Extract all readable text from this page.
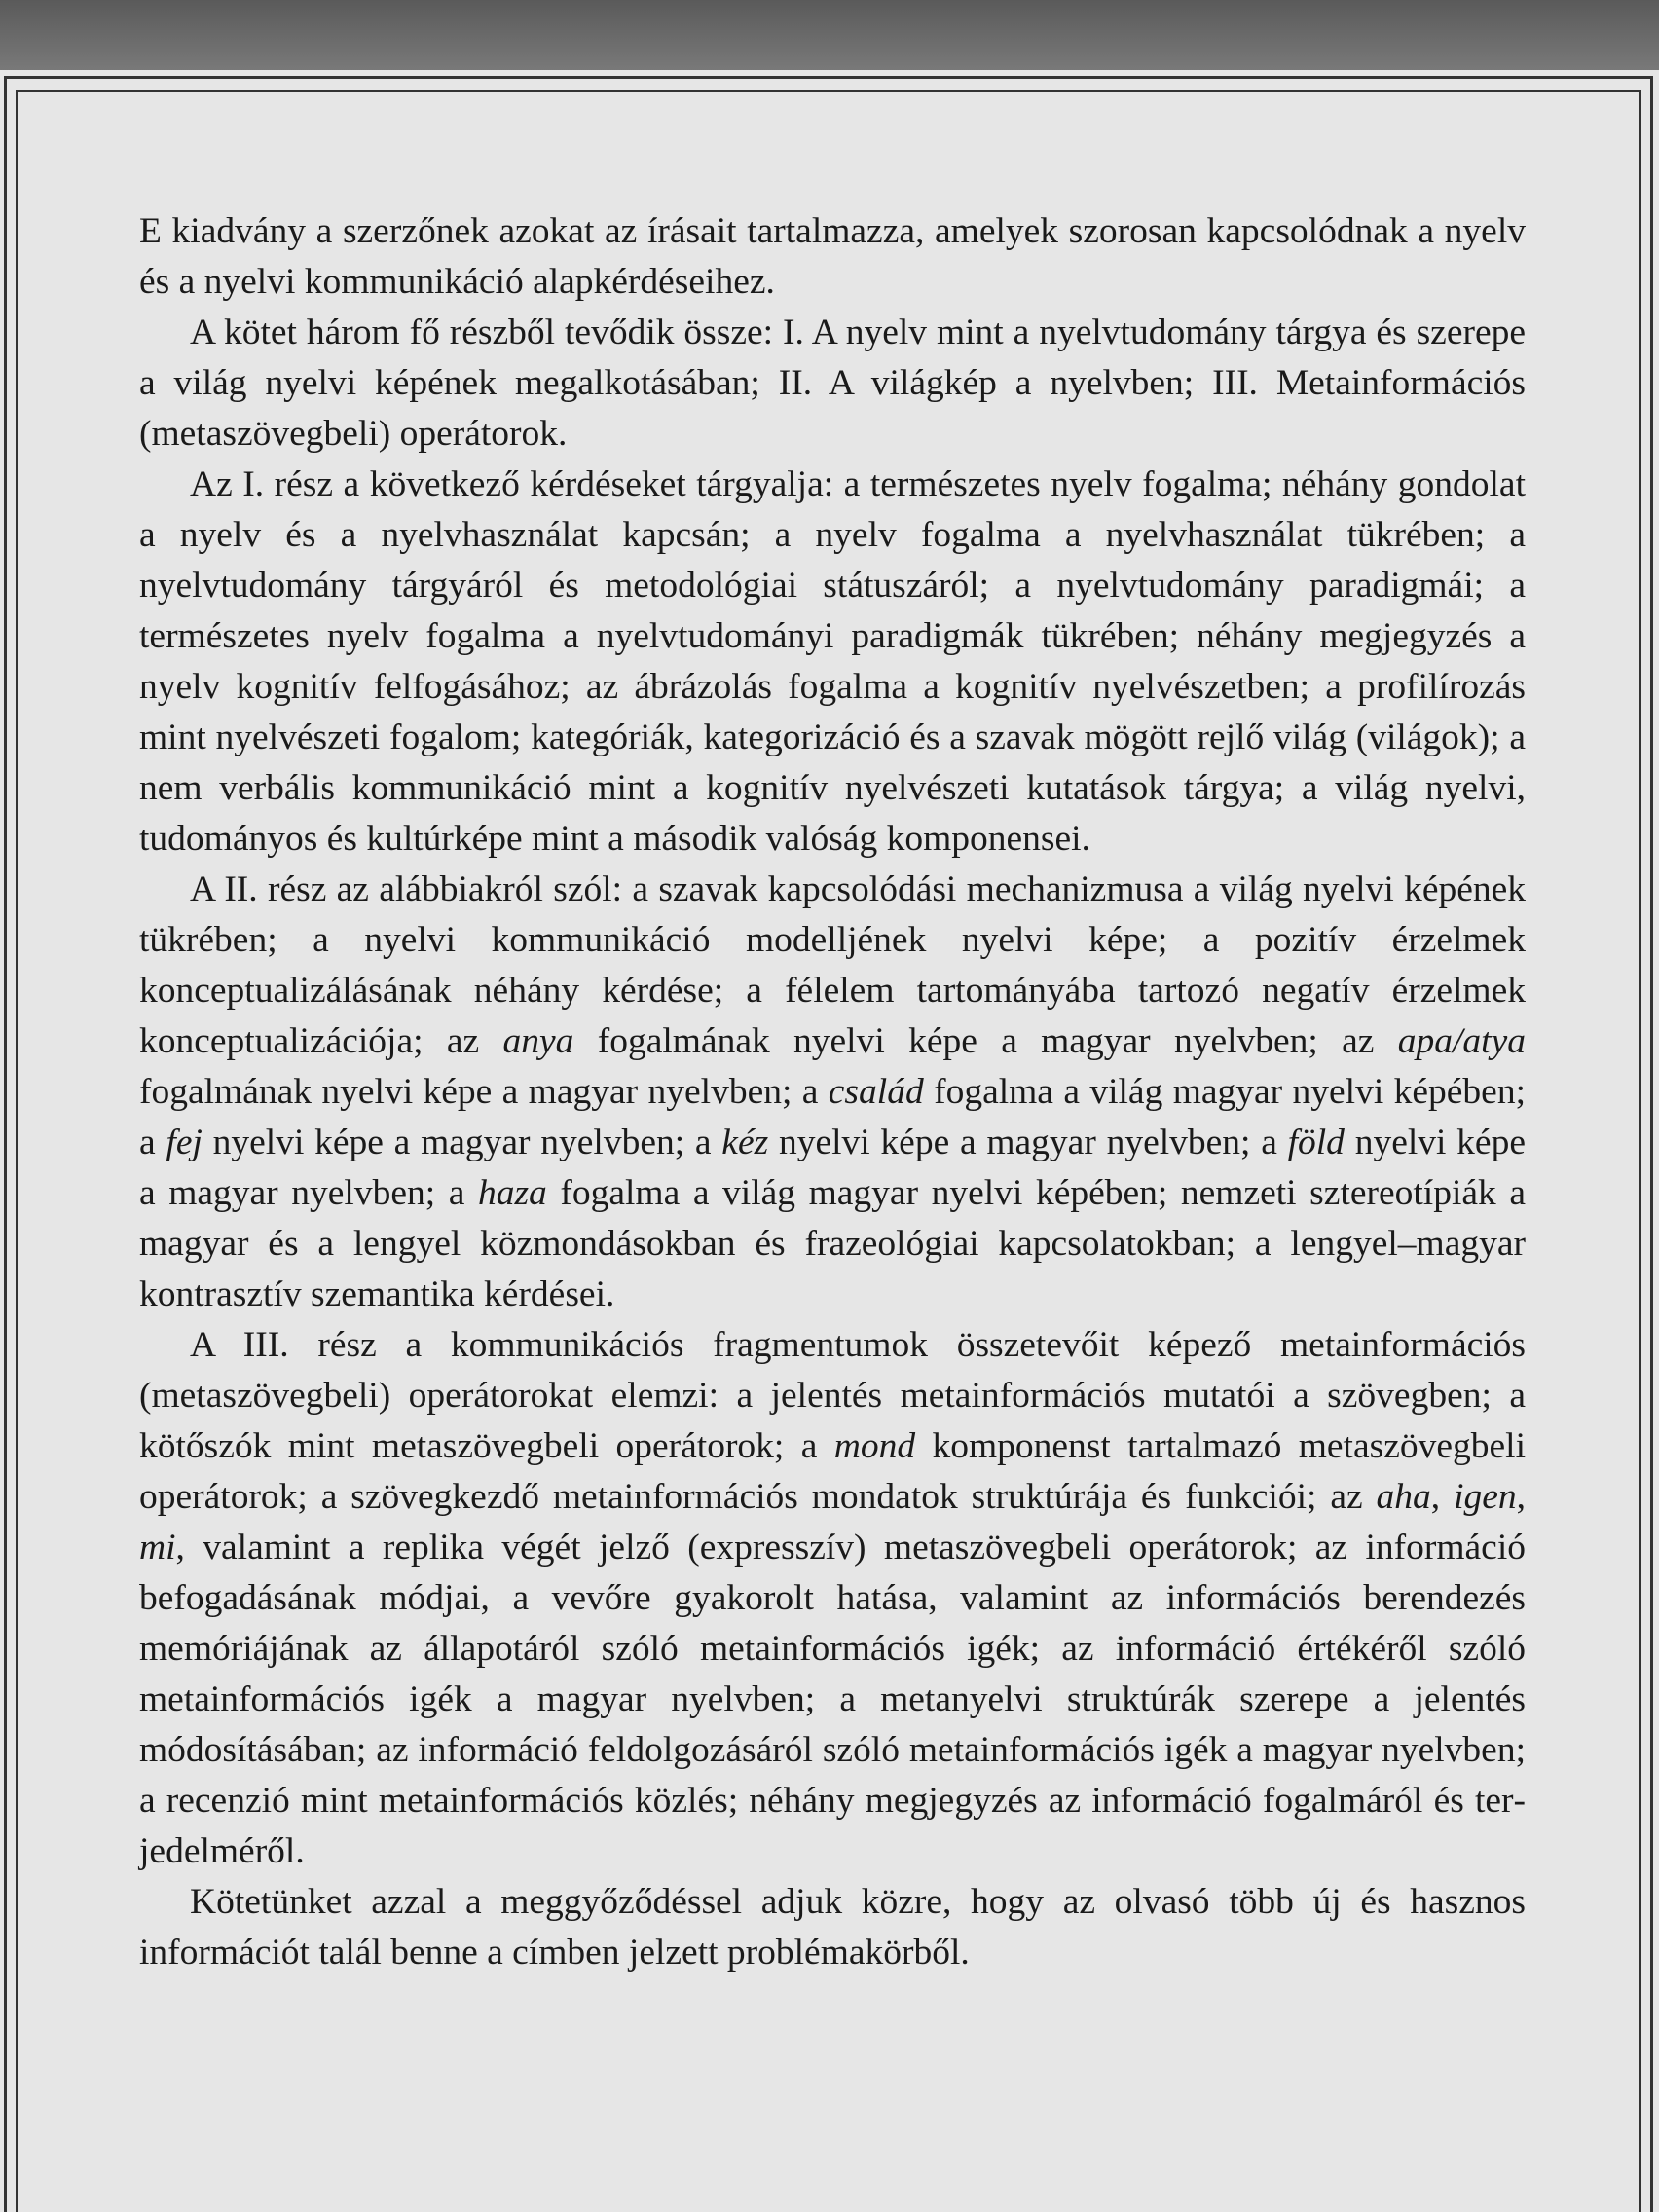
E kiadvány a szerzőnek azokat az írásait tartalmazza, amelyek szorosan kapcsolódnak a nyelv és a nyelvi kommunikáció alapkérdéseihez.

A kötet három fő részből tevődik össze: I. A nyelv mint a nyelvtudomány tárgya és szerepe a világ nyelvi képének megalkotásában; II. A világkép a nyelvben; III. Metainformációs (metaszövegbeli) operátorok.

Az I. rész a következő kérdéseket tárgyalja: a természetes nyelv fogalma; néhány gondolat a nyelv és a nyelvhasználat kapcsán; a nyelv fogalma a nyelvhasználat tükrében; a nyelvtudomány tárgyáról és metodológiai státuszáról; a nyelvtudomány paradigmái; a természetes nyelv fogalma a nyelvtudományi paradigmák tükrében; néhány megjegyzés a nyelv kognitív felfogásához; az ábrázolás fogalma a kognitív nyelvészetben; a profilírozás mint nyelvészeti fogalom; kategóriák, kategorizáció és a szavak mögött rejlő világ (világok); a nem verbális kommunikáció mint a kognitív nyelvészeti kutatások tárgya; a világ nyelvi, tudományos és kultúrképe mint a második valóság komponensei.

A II. rész az alábbiakról szól: a szavak kapcsolódási mechanizmusa a világ nyelvi képének tükrében; a nyelvi kommunikáció modelljének nyelvi képe; a pozitív érzelmek konceptualizálásának néhány kérdése; a félelem tartományába tartozó negatív érzelmek konceptualizációja; az anya fogalmának nyelvi képe a magyar nyelvben; az apa/atya fogalmának nyelvi képe a magyar nyelvben; a család fogalma a világ magyar nyelvi képében; a fej nyelvi képe a magyar nyelvben; a kéz nyelvi képe a magyar nyelvben; a föld nyelvi képe a magyar nyelvben; a haza fogalma a világ magyar nyelvi képében; nemzeti sztereotípiák a magyar és a lengyel közmondásokban és frazeológiai kapcsolatokban; a lengyel–magyar kontrasztív szemantika kérdései.

A III. rész a kommunikációs fragmentumok összetevőit képező metainformációs (metaszövegbeli) operátorokat elemzi: a jelentés metainformációs mutatói a szövegben; a kötőszók mint metaszövegbeli operátorok; a mond komponenst tartalmazó metaszövegbeli operátorok; a szövegkezdő metainformációs mondatok struktúrája és funkciói; az aha, igen, mi, valamint a replika végét jelző (expresszív) metaszövegbeli operátorok; az információ befogadásának módjai, a vevőre gyakorolt hatása, valamint az információs berendezés memóriájának az állapotáról szóló metainformációs igék; az információ értékéről szóló metainformációs igék a magyar nyelvben; a metanyelvi struktúrák szerepe a jelentés módosításában; az információ feldolgozásáról szóló metainformációs igék a magyar nyelvben; a recenzió mint metainformációs közlés; néhány megjegyzés az információ fogalmáról és terjedelméről.

Kötetünket azzal a meggyőződéssel adjuk közre, hogy az olvasó több új és hasznos információt talál benne a címben jelzett problémakörből.
